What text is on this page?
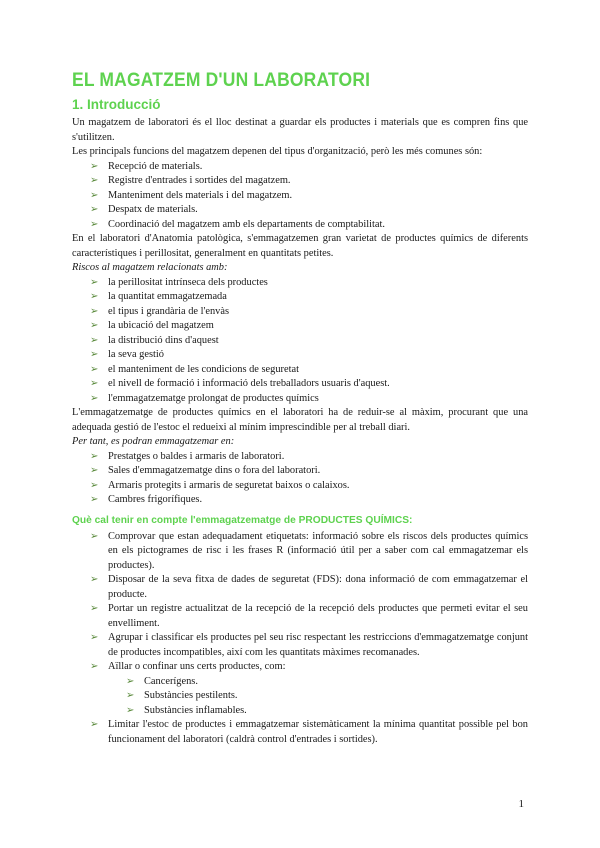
EL MAGATZEM D'UN LABORATORI
1. Introducció

Un magatzem de laboratori és el lloc destinat a guardar els productes i materials que es compren fins que s'utilitzen.

Les principals funcions del magatzem depenen del tipus d'organització, però les més comunes són:

➢ Recepció de materials.
➢ Registre d'entrades i sortides del magatzem.
➢ Manteniment dels materials i del magatzem.
➢ Despatx de materials.
➢ Coordinació del magatzem amb els departaments de comptabilitat.

En el laboratori d'Anatomia patològica, s'emmagatzemen gran varietat de productes químics de diferents característiques i perillositat, generalment en quantitats petites.

Riscos al magatzem relacionats amb:

➢ la perillositat intrínseca dels productes
➢ la quantitat emmagatzemada
➢ el tipus i grandària de l'envàs
➢ la ubicació del magatzem
➢ la distribució dins d'aquest
➢ la seva gestió
➢ el manteniment de les condicions de seguretat
➢ el nivell de formació i informació dels treballadors usuaris d'aquest.
➢ l'emmagatzematge prolongat de productes químics

L'emmagatzematge de productes químics en el laboratori ha de reduir-se al màxim, procurant que una adequada gestió de l'estoc el redueixi al mínim imprescindible per al treball diari.

Per tant, es podran emmagatzemar en:

➢ Prestatges o baldes i armaris de laboratori.
➢ Sales d'emmagatzematge dins o fora del laboratori.
➢ Armaris protegits i armaris de seguretat baixos o calaixos.
➢ Cambres frigorífiques.
Què cal tenir en compte l'emmagatzematge de PRODUCTES QUÍMICS:
➢ Comprovar que estan adequadament etiquetats: informació sobre els riscos dels productes químics en els pictogrames de risc i les frases R (informació útil per a saber com cal emmagatzemar els productes).
➢ Disposar de la seva fitxa de dades de seguretat (FDS): dona informació de com emmagatzemar el producte.
➢ Portar un registre actualitzat de la recepció de la recepció dels productes que permeti evitar el seu envelliment.
➢ Agrupar i classificar els productes pel seu risc respectant les restriccions d'emmagatzematge conjunt de productes incompatibles, així com les quantitats màximes recomanades.
➢ Aïllar o confinar uns certs productes, com:
➢ Cancerígens.
➢ Substàncies pestilents.
➢ Substàncies inflamables.
➢ Limitar l'estoc de productes i emmagatzemar sistemàticament la mínima quantitat possible pel bon funcionament del laboratori (caldrà control d'entrades i sortides).
1
